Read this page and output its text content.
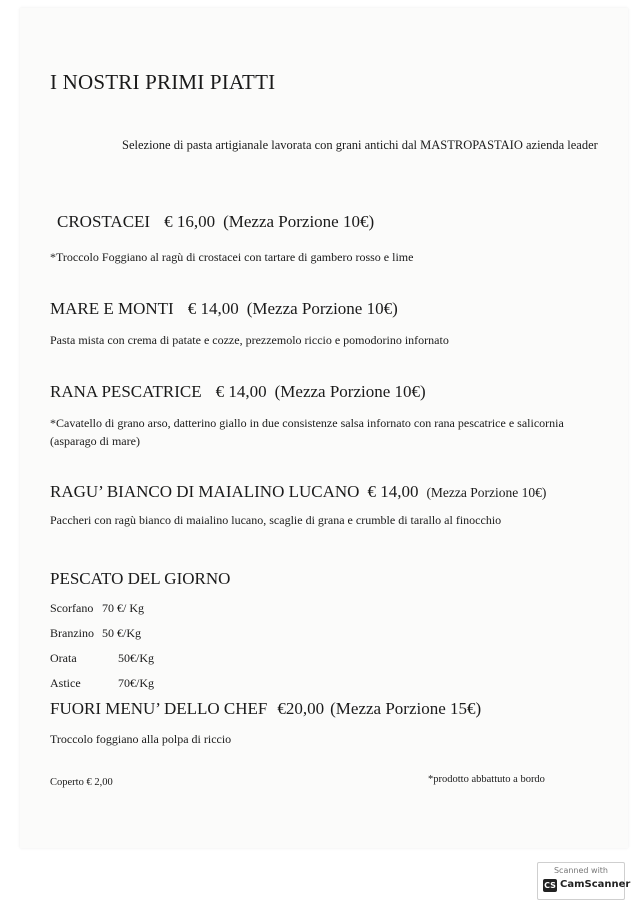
I NOSTRI PRIMI PIATTI
Selezione di pasta artigianale lavorata con grani antichi dal MASTROPASTAIO azienda leader
CROSTACEI € 16,00 (Mezza Porzione 10€)
*Troccolo Foggiano al ragù di crostacei con tartare di gambero rosso e lime
MARE E MONTI € 14,00 (Mezza Porzione 10€)
Pasta mista con crema di patate e cozze, prezzemolo riccio e pomodorino infornato
RANA PESCATRICE € 14,00 (Mezza Porzione 10€)
*Cavatello di grano arso, datterino giallo in due consistenze salsa infornato con rana pescatrice e salicornia (asparago di mare)
RAGU’ BIANCO DI MAIALINO LUCANO € 14,00 (Mezza Porzione 10€)
Paccheri con ragù bianco di maialino lucano, scaglie di grana e crumble di tarallo al finocchio
PESCATO DEL GIORNO
Scorfano 70 €/ Kg
Branzino 50 €/Kg
Orata	50€/Kg
Astice	70€/Kg
FUORI MENU’ DELLO CHEF €20,00 (Mezza Porzione 15€)
Troccolo foggiano alla polpa di riccio
Coperto € 2,00	*prodotto abbattuto a bordo
Scanned with
CS CamScanner
